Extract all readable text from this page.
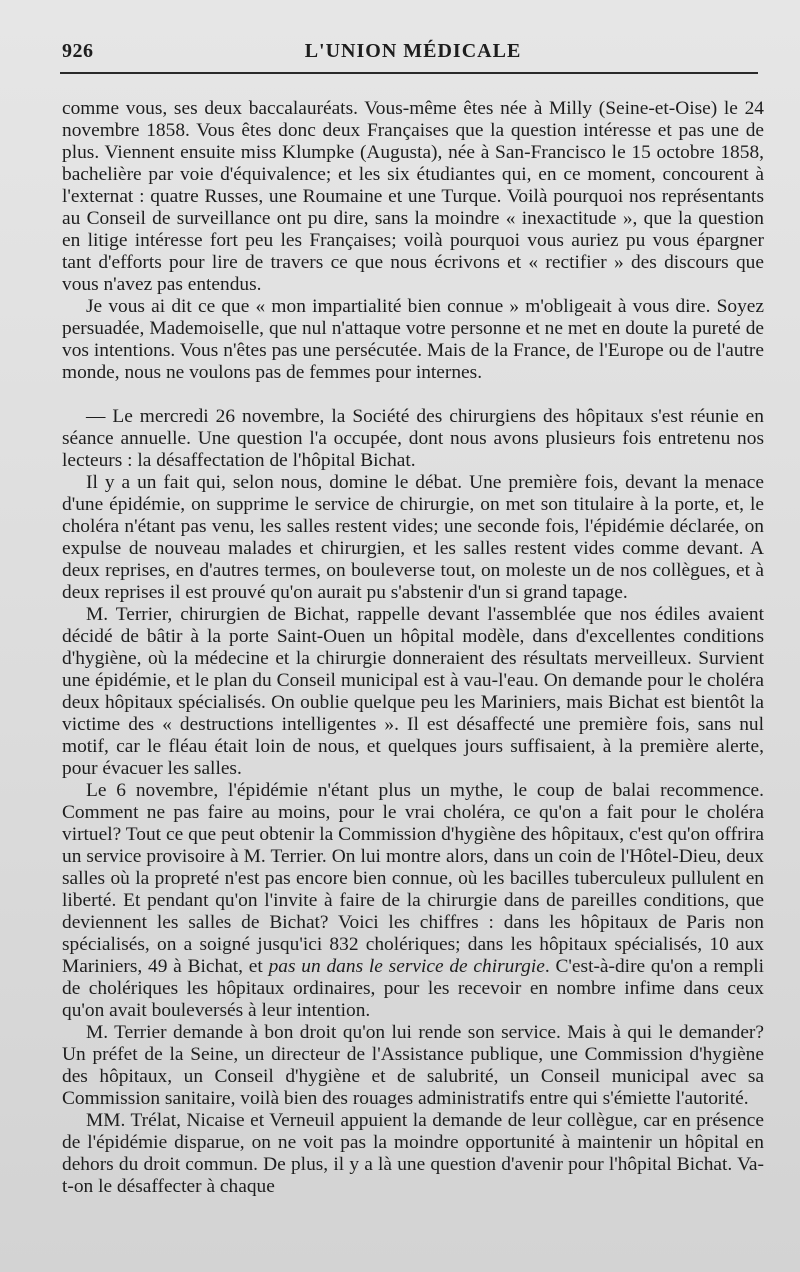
926	L'UNION MÉDICALE

comme vous, ses deux baccalauréats. Vous-même êtes née à Milly (Seine-et-Oise) le 24 novembre 1858. Vous êtes donc deux Françaises que la question intéresse et pas une de plus. Viennent ensuite miss Klumpke (Augusta), née à San-Francisco le 15 octobre 1858, bachelière par voie d'équivalence; et les six étudiantes qui, en ce moment, concourent à l'externat : quatre Russes, une Roumaine et une Turque. Voilà pourquoi nos représentants au Conseil de surveillance ont pu dire, sans la moindre « inexactitude », que la question en litige intéresse fort peu les Françaises; voilà pourquoi vous auriez pu vous épargner tant d'efforts pour lire de travers ce que nous écrivons et « rectifier » des discours que vous n'avez pas entendus.

Je vous ai dit ce que « mon impartialité bien connue » m'obligeait à vous dire. Soyez persuadée, Mademoiselle, que nul n'attaque votre personne et ne met en doute la pureté de vos intentions. Vous n'êtes pas une persécutée. Mais de la France, de l'Europe ou de l'autre monde, nous ne voulons pas de femmes pour internes.

— Le mercredi 26 novembre, la Société des chirurgiens des hôpitaux s'est réunie en séance annuelle. Une question l'a occupée, dont nous avons plusieurs fois entretenu nos lecteurs : la désaffectation de l'hôpital Bichat.

Il y a un fait qui, selon nous, domine le débat. Une première fois, devant la menace d'une épidémie, on supprime le service de chirurgie, on met son titulaire à la porte, et, le choléra n'étant pas venu, les salles restent vides; une seconde fois, l'épidémie déclarée, on expulse de nouveau malades et chirurgien, et les salles restent vides comme devant. A deux reprises, en d'autres termes, on bouleverse tout, on moleste un de nos collègues, et à deux reprises il est prouvé qu'on aurait pu s'abstenir d'un si grand tapage.

M. Terrier, chirurgien de Bichat, rappelle devant l'assemblée que nos édiles avaient décidé de bâtir à la porte Saint-Ouen un hôpital modèle, dans d'excellentes conditions d'hygiène, où la médecine et la chirurgie donneraient des résultats merveilleux. Survient une épidémie, et le plan du Conseil municipal est à vau-l'eau. On demande pour le choléra deux hôpitaux spécialisés. On oublie quelque peu les Mariniers, mais Bichat est bientôt la victime des « destructions intelligentes ». Il est désaffecté une première fois, sans nul motif, car le fléau était loin de nous, et quelques jours suffisaient, à la première alerte, pour évacuer les salles.

Le 6 novembre, l'épidémie n'étant plus un mythe, le coup de balai recommence. Comment ne pas faire au moins, pour le vrai choléra, ce qu'on a fait pour le choléra virtuel? Tout ce que peut obtenir la Commission d'hygiène des hôpitaux, c'est qu'on offrira un service provisoire à M. Terrier. On lui montre alors, dans un coin de l'Hôtel-Dieu, deux salles où la propreté n'est pas encore bien connue, où les bacilles tuberculeux pullulent en liberté. Et pendant qu'on l'invite à faire de la chirurgie dans de pareilles conditions, que deviennent les salles de Bichat? Voici les chiffres : dans les hôpitaux de Paris non spécialisés, on a soigné jusqu'ici 832 cholériques; dans les hôpitaux spécialisés, 10 aux Mariniers, 49 à Bichat, et pas un dans le service de chirurgie. C'est-à-dire qu'on a rempli de cholériques les hôpitaux ordinaires, pour les recevoir en nombre infime dans ceux qu'on avait bouleversés à leur intention.

M. Terrier demande à bon droit qu'on lui rende son service. Mais à qui le demander? Un préfet de la Seine, un directeur de l'Assistance publique, une Commission d'hygiène des hôpitaux, un Conseil d'hygiène et de salubrité, un Conseil municipal avec sa Commission sanitaire, voilà bien des rouages administratifs entre qui s'émiette l'autorité.

MM. Trélat, Nicaise et Verneuil appuient la demande de leur collègue, car en présence de l'épidémie disparue, on ne voit pas la moindre opportunité à maintenir un hôpital en dehors du droit commun. De plus, il y a là une question d'avenir pour l'hôpital Bichat. Va-t-on le désaffecter à chaque
